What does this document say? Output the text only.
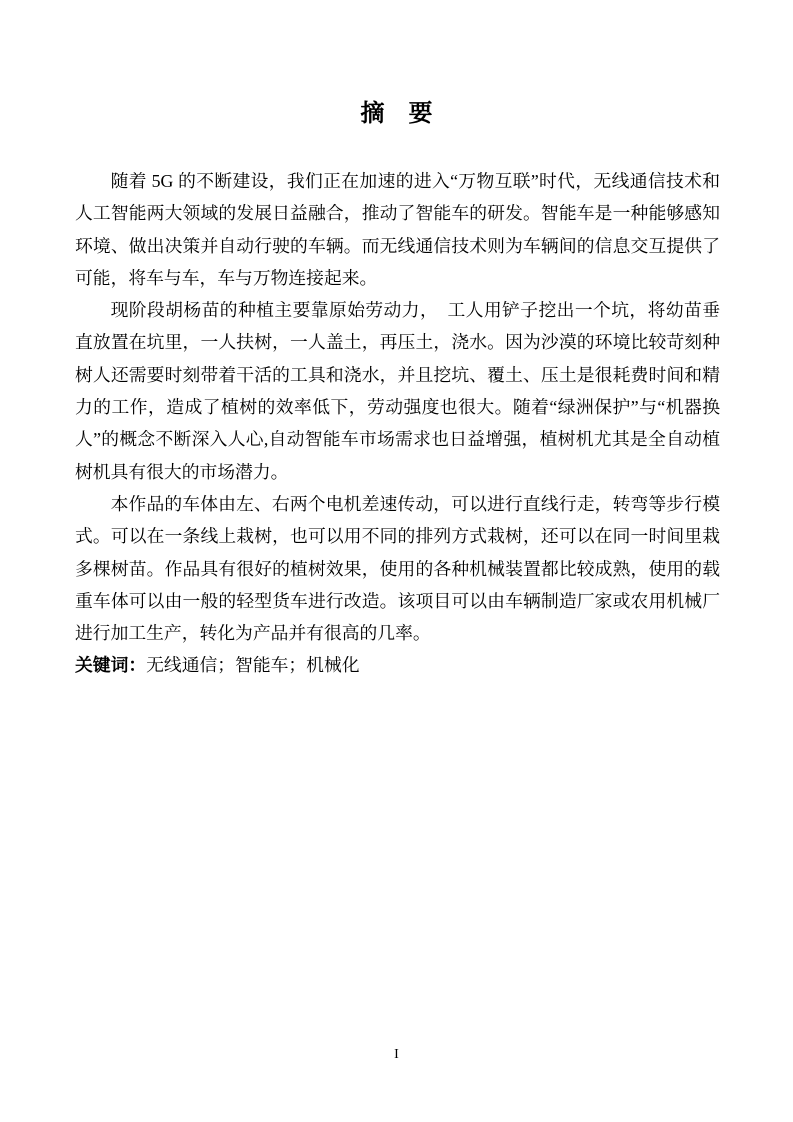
摘　要

随着 5G 的不断建设，我们正在加速的进入“万物互联”时代，无线通信技术和人工智能两大领域的发展日益融合，推动了智能车的研发。智能车是一种能够感知环境、做出决策并自动行驶的车辆。而无线通信技术则为车辆间的信息交互提供了可能，将车与车，车与万物连接起来。

现阶段胡杨苗的种植主要靠原始劳动力，　工人用铲子挖出一个坑，将幼苗垂直放置在坑里，一人扶树，一人盖土，再压土，浇水。因为沙漠的环境比较苛刻种树人还需要时刻带着干活的工具和浇水，并且挖坑、覆土、压土是很耗费时间和精力的工作，造成了植树的效率低下，劳动强度也很大。随着“绿洲保护”与“机器换人”的概念不断深入人心,自动智能车市场需求也日益增强，植树机尤其是全自动植树机具有很大的市场潜力。

本作品的车体由左、右两个电机差速传动，可以进行直线行走，转弯等步行模式。可以在一条线上栽树，也可以用不同的排列方式栽树，还可以在同一时间里栽多棵树苗。作品具有很好的植树效果，使用的各种机械装置都比较成熟，使用的载重车体可以由一般的轻型货车进行改造。该项目可以由车辆制造厂家或农用机械厂进行加工生产，转化为产品并有很高的几率。

关键词：无线通信；智能车；机械化

I
